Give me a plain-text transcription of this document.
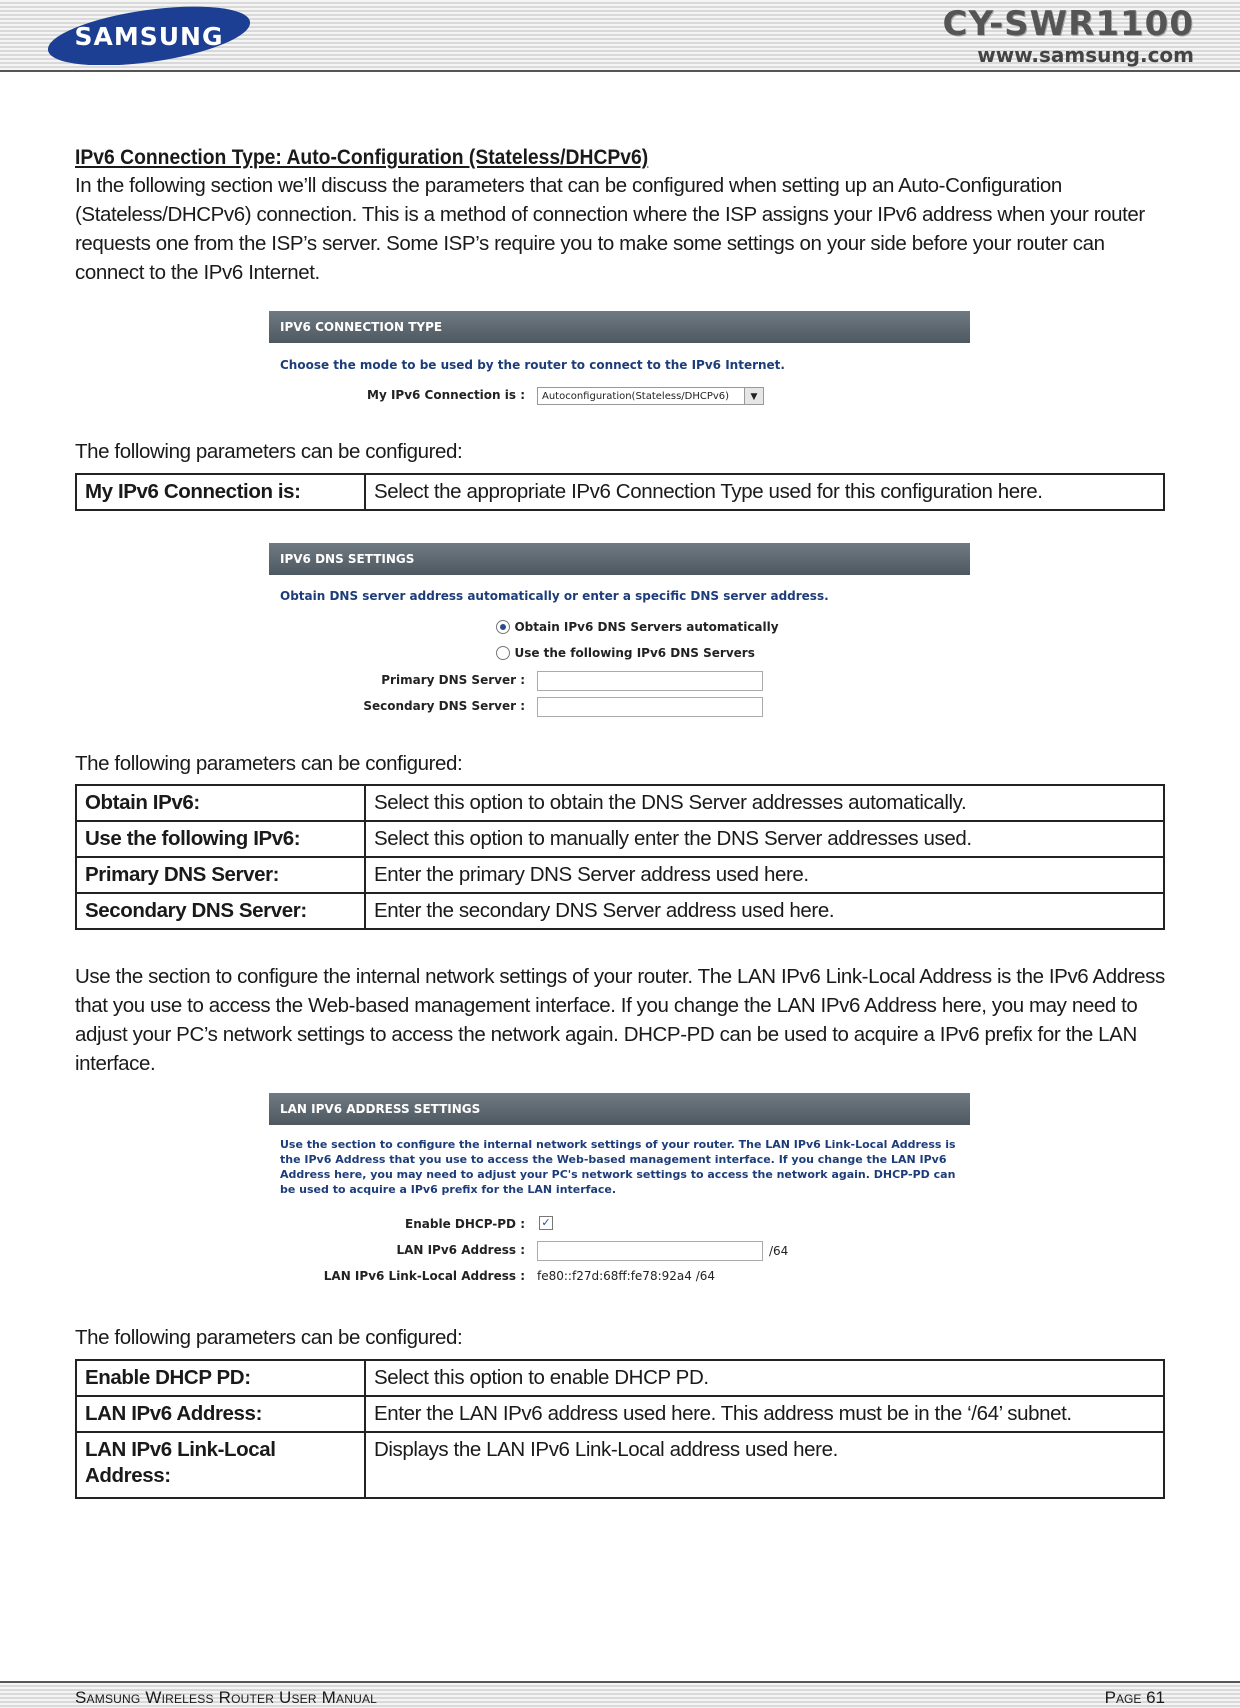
SAMSUNG	CY-SWR1100
www.samsung.com
IPv6 Connection Type: Auto-Configuration (Stateless/DHCPv6)
In the following section we’ll discuss the parameters that can be configured when setting up an Auto-Configuration (Stateless/DHCPv6) connection. This is a method of connection where the ISP assigns your IPv6 address when your router requests one from the ISP’s server. Some ISP’s require you to make some settings on your side before your router can connect to the IPv6 Internet.
IPV6 CONNECTION TYPE
Choose the mode to be used by the router to connect to the IPv6 Internet.
My IPv6 Connection is :	Autoconfiguration(Stateless/DHCPv6)	▼
The following parameters can be configured:
My IPv6 Connection is:	Select the appropriate IPv6 Connection Type used for this configuration here.
IPV6 DNS SETTINGS
Obtain DNS server address automatically or enter a specific DNS server address.
Obtain IPv6 DNS Servers automatically
Use the following IPv6 DNS Servers
Primary DNS Server :
Secondary DNS Server :
The following parameters can be configured:
Obtain IPv6:	Select this option to obtain the DNS Server addresses automatically.
Use the following IPv6:	Select this option to manually enter the DNS Server addresses used.
Primary DNS Server:	Enter the primary DNS Server address used here.
Secondary DNS Server:	Enter the secondary DNS Server address used here.
Use the section to configure the internal network settings of your router. The LAN IPv6 Link-Local Address is the IPv6 Address that you use to access the Web-based management interface. If you change the LAN IPv6 Address here, you may need to adjust your PC’s network settings to access the network again. DHCP-PD can be used to acquire a IPv6 prefix for the LAN interface.
LAN IPV6 ADDRESS SETTINGS
Use the section to configure the internal network settings of your router. The LAN IPv6 Link-Local Address is the IPv6 Address that you use to access the Web-based management interface. If you change the LAN IPv6 Address here, you may need to adjust your PC's network settings to access the network again. DHCP-PD can be used to acquire a IPv6 prefix for the LAN interface.
Enable DHCP-PD : ✓
LAN IPv6 Address :	/64
LAN IPv6 Link-Local Address : fe80::f27d:68ff:fe78:92a4 /64
The following parameters can be configured:
Enable DHCP PD:	Select this option to enable DHCP PD.
LAN IPv6 Address:	Enter the LAN IPv6 address used here. This address must be in the ‘/64’ subnet.
LAN IPv6 Link-Local Address:	Displays the LAN IPv6 Link-Local address used here.
Samsung Wireless Router User Manual	Page 61
